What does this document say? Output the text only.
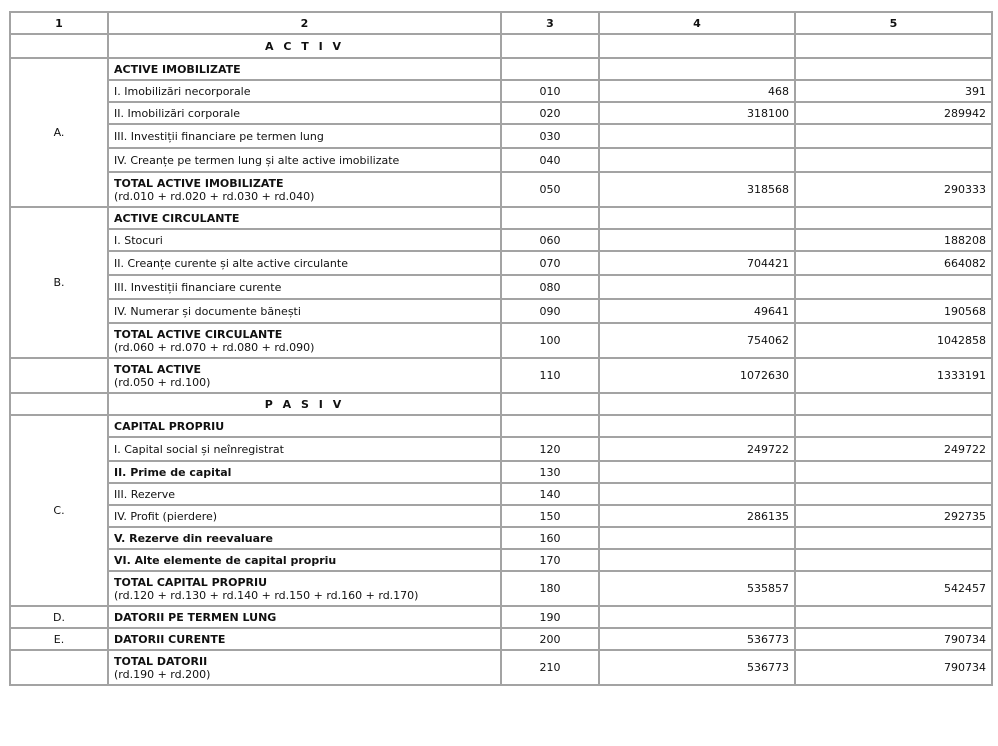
1	2	3	4	5
	A C T I V			
A.	ACTIVE IMOBILIZATE			
	I. Imobilizări necorporale	010	468	391
	II. Imobilizări corporale	020	318100	289942
	III. Investiții financiare pe termen lung	030		
	IV. Creanțe pe termen lung și alte active imobilizate	040		
	TOTAL ACTIVE IMOBILIZATE
(rd.010 + rd.020 + rd.030 + rd.040)	050	318568	290333
B.	ACTIVE CIRCULANTE			
	I. Stocuri	060		188208
	II. Creanțe curente și alte active circulante	070	704421	664082
	III. Investiții financiare curente	080		
	IV. Numerar și documente bănești	090	49641	190568
	TOTAL ACTIVE CIRCULANTE
(rd.060 + rd.070 + rd.080 + rd.090)	100	754062	1042858
	TOTAL ACTIVE
(rd.050 + rd.100)	110	1072630	1333191
	P A S I V			
C.	CAPITAL PROPRIU			
	I. Capital social și neînregistrat	120	249722	249722
	II. Prime de capital	130		
	III. Rezerve	140		
	IV. Profit (pierdere)	150	286135	292735
	V. Rezerve din reevaluare	160		
	VI. Alte elemente de capital propriu	170		
	TOTAL CAPITAL PROPRIU
(rd.120 + rd.130 + rd.140 + rd.150 + rd.160 + rd.170)	180	535857	542457
D.	DATORII PE TERMEN LUNG	190		
E.	DATORII CURENTE	200	536773	790734
	TOTAL DATORII
(rd.190 + rd.200)	210	536773	790734
